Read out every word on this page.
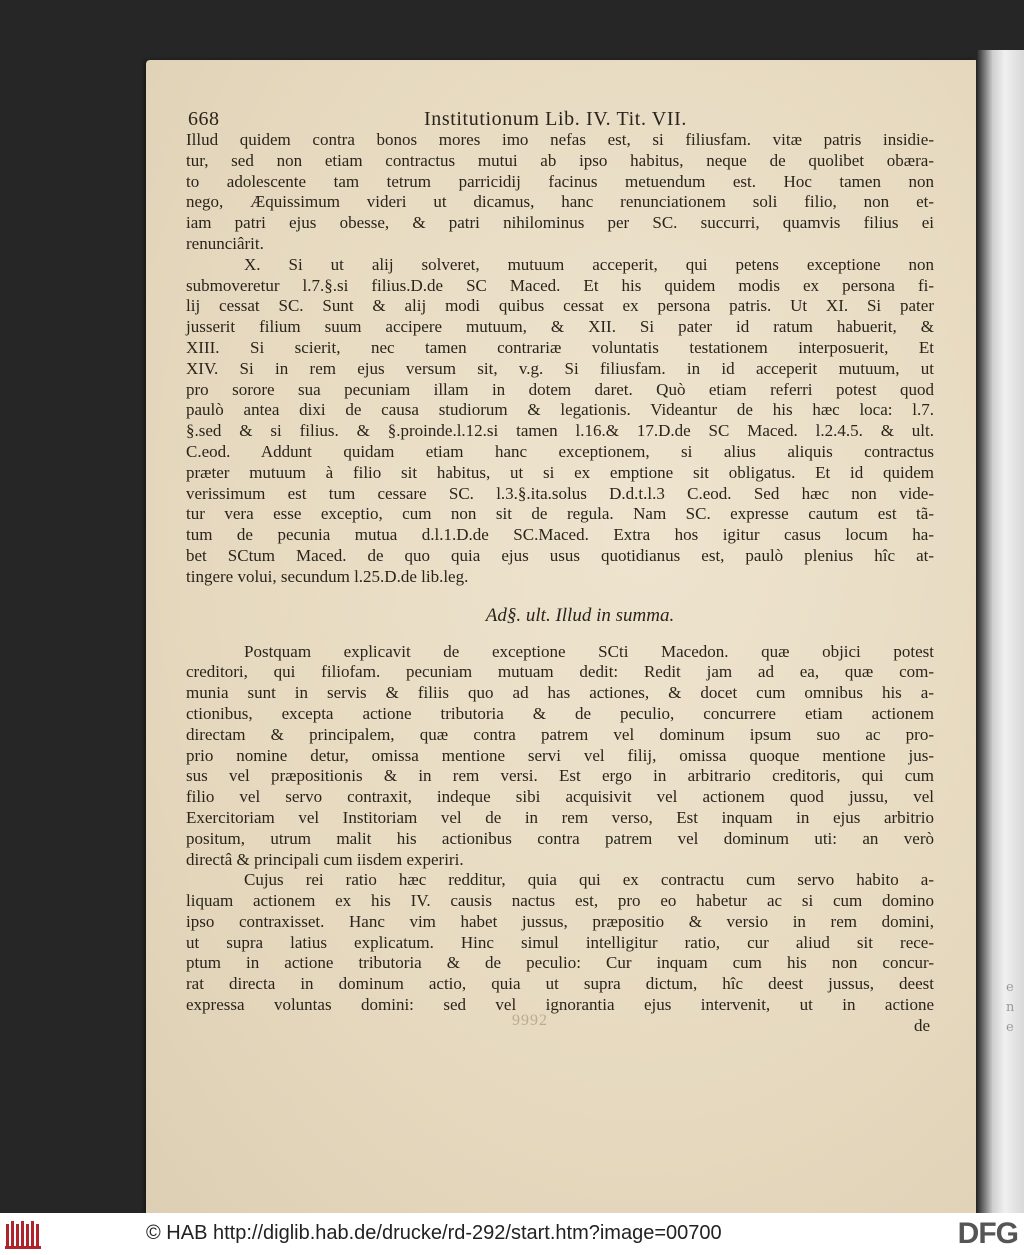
e
n
e
9992
668	Institutionum Lib. IV. Tit. VII.
Illud quidem contra bonos mores imo nefas est, si filiusfam. vitæ patris insidie-
tur, sed non etiam contractus mutui ab ipso habitus, neque de quolibet obæra-
to adolescente tam tetrum parricidij facinus metuendum est. Hoc tamen non
nego, Æquissimum videri ut dicamus, hanc renunciationem soli filio, non et-
iam patri ejus obesse, & patri nihilominus per SC. succurri, quamvis filius ei
renunciârit.
X. Si ut alij solveret, mutuum acceperit, qui petens exceptione non
submoveretur l.7.§.si filius.D.de SC Maced. Et his quidem modis ex persona fi-
lij cessat SC. Sunt & alij modi quibus cessat ex persona patris. Ut XI. Si pater
jusserit filium suum accipere mutuum, & XII. Si pater id ratum habuerit, &
XIII. Si scierit, nec tamen contrariæ voluntatis testationem interposuerit, Et
XIV. Si in rem ejus versum sit, v.g. Si filiusfam. in id acceperit mutuum, ut
pro sorore sua pecuniam illam in dotem daret. Quò etiam referri potest quod
paulò antea dixi de causa studiorum & legationis. Videantur de his hæc loca: l.7.
§.sed & si filius. & §.proinde.l.12.si tamen l.16.& 17.D.de SC Maced. l.2.4.5. & ult.
C.eod. Addunt quidam etiam hanc exceptionem, si alius aliquis contractus
præter mutuum à filio sit habitus, ut si ex emptione sit obligatus. Et id quidem
verissimum est tum cessare SC. l.3.§.ita.solus D.d.t.l.3 C.eod. Sed hæc non vide-
tur vera esse exceptio, cum non sit de regula. Nam SC. expresse cautum est tã-
tum de pecunia mutua d.l.1.D.de SC.Maced. Extra hos igitur casus locum ha-
bet SCtum Maced. de quo quia ejus usus quotidianus est, paulò plenius hîc at-
tingere volui, secundum l.25.D.de lib.leg.
Ad§. ult. Illud in summa.
Postquam explicavit de exceptione SCti Macedon. quæ objici potest
creditori, qui filiofam. pecuniam mutuam dedit: Redit jam ad ea, quæ com-
munia sunt in servis & filiis quo ad has actiones, & docet cum omnibus his a-
ctionibus, excepta actione tributoria & de peculio, concurrere etiam actionem
directam & principalem, quæ contra patrem vel dominum ipsum suo ac pro-
prio nomine detur, omissa mentione servi vel filij, omissa quoque mentione jus-
sus vel præpositionis & in rem versi. Est ergo in arbitrario creditoris, qui cum
filio vel servo contraxit, indeque sibi acquisivit vel actionem quod jussu, vel
Exercitoriam vel Institoriam vel de in rem verso, Est inquam in ejus arbitrio
positum, utrum malit his actionibus contra patrem vel dominum uti: an verò
directâ & principali cum iisdem experiri.
Cujus rei ratio hæc redditur, quia qui ex contractu cum servo habito a-
liquam actionem ex his IV. causis nactus est, pro eo habetur ac si cum domino
ipso contraxisset. Hanc vim habet jussus, præpositio & versio in rem domini,
ut supra latius explicatum. Hinc simul intelligitur ratio, cur aliud sit rece-
ptum in actione tributoria & de peculio: Cur inquam cum his non concur-
rat directa in dominum actio, quia ut supra dictum, hîc deest jussus, deest
expressa voluntas domini: sed vel ignorantia ejus intervenit, ut in actione
de
© HAB http://diglib.hab.de/drucke/rd-292/start.htm?image=00700	DFG
